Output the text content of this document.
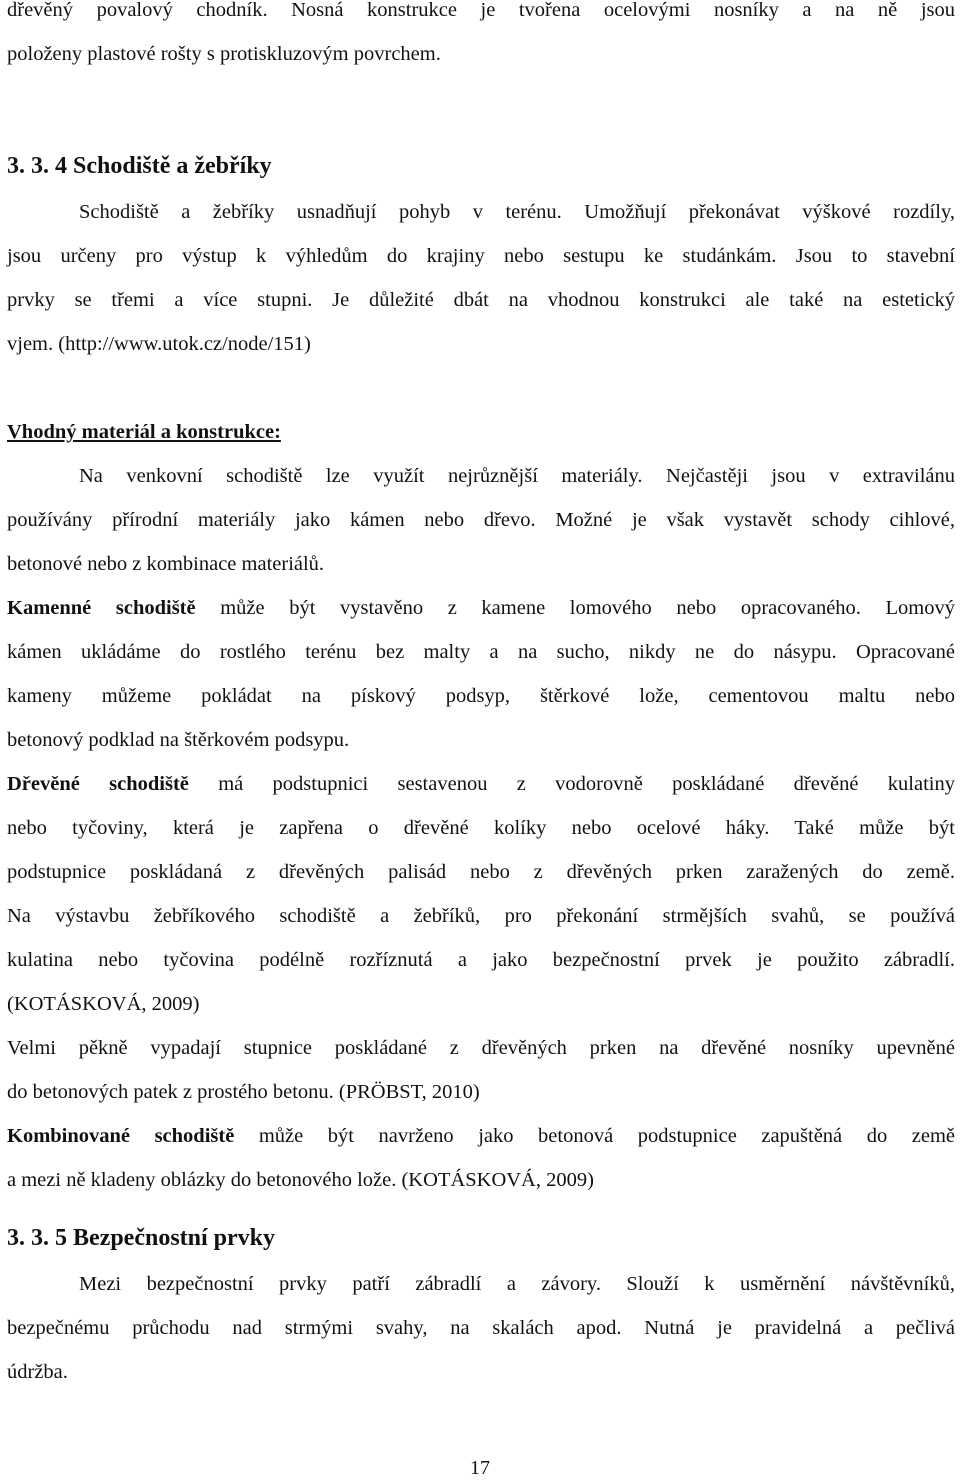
dřevěný povalový chodník. Nosná konstrukce je tvořena ocelovými nosníky a na ně jsou
položeny plastové rošty s protiskluzovým povrchem.
3. 3. 4 Schodiště a žebříky
Schodiště a žebříky usnadňují pohyb v terénu. Umožňují překonávat výškové rozdíly,
jsou určeny pro výstup k výhledům do krajiny nebo sestupu ke studánkám. Jsou to stavební
prvky se třemi a více stupni. Je důležité dbát na vhodnou konstrukci ale také na estetický
vjem. (http://www.utok.cz/node/151)
Vhodný materiál a konstrukce:
Na venkovní schodiště lze využít nejrůznější materiály. Nejčastěji jsou v extravilánu
používány přírodní materiály jako kámen nebo dřevo. Možné je však vystavět schody cihlové,
betonové nebo z kombinace materiálů.
Kamenné schodiště může být vystavěno z kamene lomového nebo opracovaného. Lomový
kámen ukládáme do rostlého terénu bez malty a na sucho, nikdy ne do násypu. Opracované
kameny můžeme pokládat na pískový podsyp, štěrkové lože, cementovou maltu nebo
betonový podklad na štěrkovém podsypu.
Dřevěné schodiště má podstupnici sestavenou z vodorovně poskládané dřevěné kulatiny
nebo tyčoviny, která je zapřena o dřevěné kolíky nebo ocelové háky. Také může být
podstupnice poskládaná z dřevěných palisád nebo z dřevěných prken zaražených do země.
Na výstavbu žebříkového schodiště a žebříků, pro překonání strmějších svahů, se používá
kulatina nebo tyčovina podélně rozříznutá a jako bezpečnostní prvek je použito zábradlí.
(KOTÁSKOVÁ, 2009)
Velmi pěkně vypadají stupnice poskládané z dřevěných prken na dřevěné nosníky upevněné
do betonových patek z prostého betonu. (PRÖBST, 2010)
Kombinované schodiště může být navrženo jako betonová podstupnice zapuštěná do země
a mezi ně kladeny oblázky do betonového lože. (KOTÁSKOVÁ, 2009)
3. 3. 5 Bezpečnostní prvky
Mezi bezpečnostní prvky patří zábradlí a závory. Slouží k usměrnění návštěvníků,
bezpečnému průchodu nad strmými svahy, na skalách apod. Nutná je pravidelná a pečlivá
údržba.
17
